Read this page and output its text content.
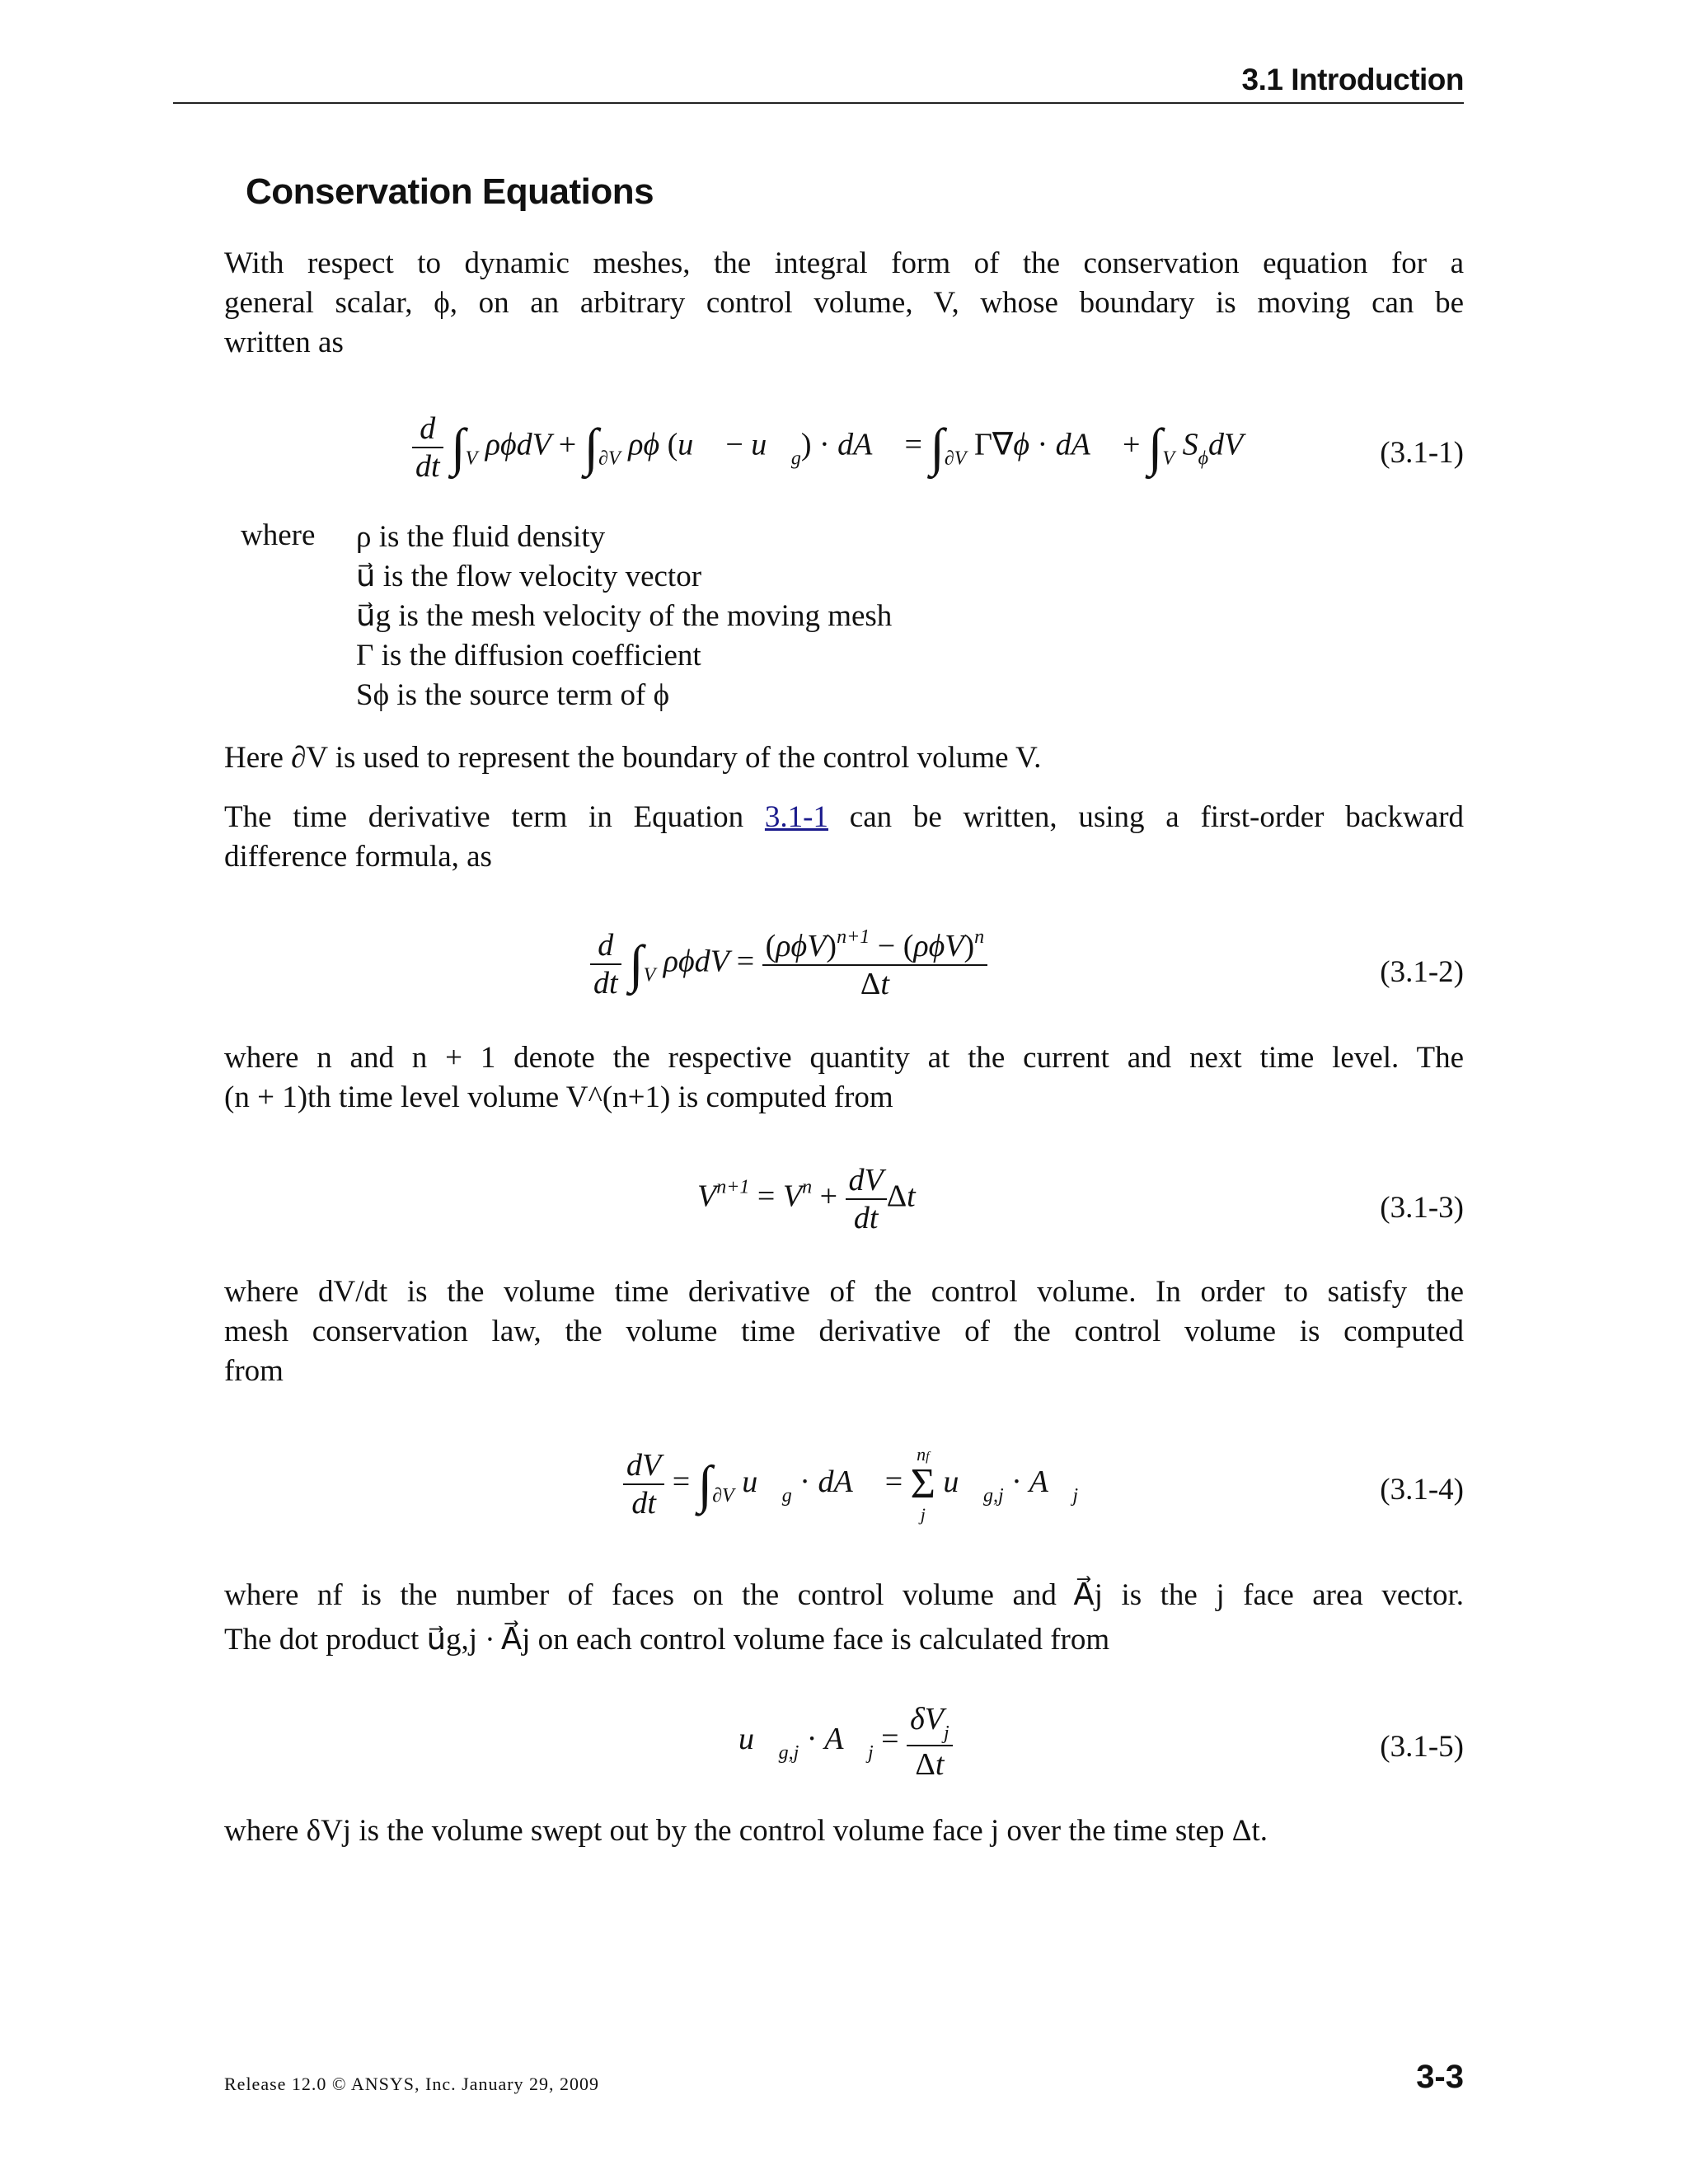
3.1 Introduction
Conservation Equations
With respect to dynamic meshes, the integral form of the conservation equation for a
general scalar, ϕ, on an arbitrary control volume, V, whose boundary is moving can be
written as
$\frac{d}{dt} \int_V$ $\rho\phi dV + \int_{\partial V}$ ρϕ (u⃗ − $u⃗_g$) · dA⃗ = $\int_{\partial V}$ Γ∇ϕ · dA⃗ + $\int_V$ $S_\phi dV$	(3.1-1)
where ρ is the fluid density
u⃗ is the flow velocity vector
u⃗g is the mesh velocity of the moving mesh
Γ is the diffusion coefficient
Sϕ is the source term of ϕ
Here ∂V is used to represent the boundary of the control volume V.
The time derivative term in Equation 3.1-1 can be written, using a first-order backward
difference formula, as
$\frac{d}{dt} \int_V$ $\rho\phi dV = \frac{(\rho\phi V)^{n+1} - (\rho\phi V)^n}{\Delta t}$	(3.1-2)
where n and n + 1 denote the respective quantity at the current and next time level. The
(n + 1)th time level volume V^(n+1) is computed from
$V^{n+1} = V^n + \frac{dV}{dt}$ Δt	(3.1-3)
where dV/dt is the volume time derivative of the control volume. In order to satisfy the
mesh conservation law, the volume time derivative of the control volume is computed
from
$\frac{dV}{dt} = \int_{\partial V}$ $u⃗_g$ · dA⃗ =
nf
Σ
j
$u⃗_{g,j}$ · $A⃗_j$	(3.1-4)
where nf is the number of faces on the control volume and A⃗j is the j face area vector.
The dot product u⃗g,j · A⃗j on each control volume face is calculated from
$u⃗_{g,j}$ · $A⃗_j = \frac{\delta V_j}{\Delta t}$	(3.1-5)
where δVj is the volume swept out by the control volume face j over the time step Δt.
Release 12.0 © ANSYS, Inc. January 29, 2009	3-3
